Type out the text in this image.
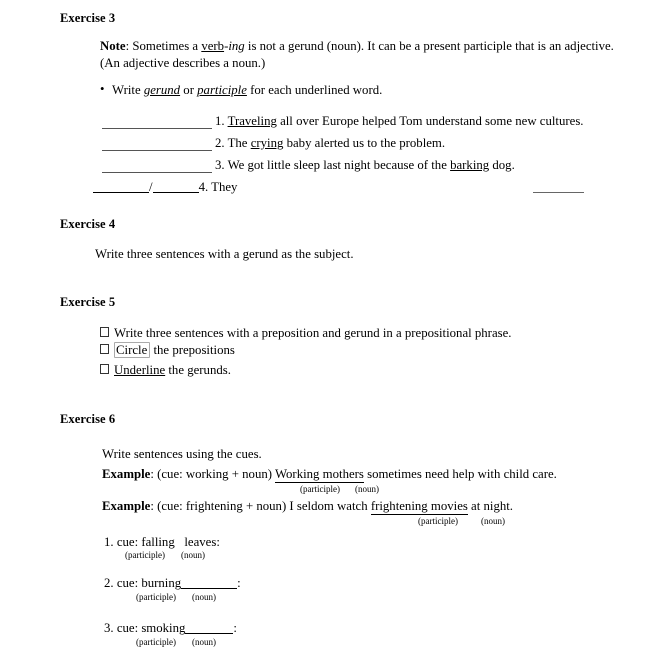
Exercise 3
Note: Sometimes a verb-ing is not a gerund (noun). It can be a present participle that is an adjective. (An adjective describes a noun.)
• Write gerund or participle for each underlined word.
1. Traveling all over Europe helped Tom understand some new cultures.
2. The crying baby alerted us to the problem.
3. We got little sleep last night because of the barking dog.
/	4. They
Exercise 4
Write three sentences with a gerund as the subject.
Exercise 5
Write three sentences with a preposition and gerund in a prepositional phrase.
Circle the prepositions
Underline the gerunds.
Exercise 6
Write sentences using the cues.
Example: (cue: working + noun) Working mothers sometimes need help with child care.
(participle) (noun)
Example: (cue: frightening + noun) I seldom watch frightening movies at night.
(participle)	(noun)
1. cue: falling leaves:
(participle) (noun)
2. cue: burning	:
(participle) (noun)
3. cue: smoking	:
(participle) (noun)
